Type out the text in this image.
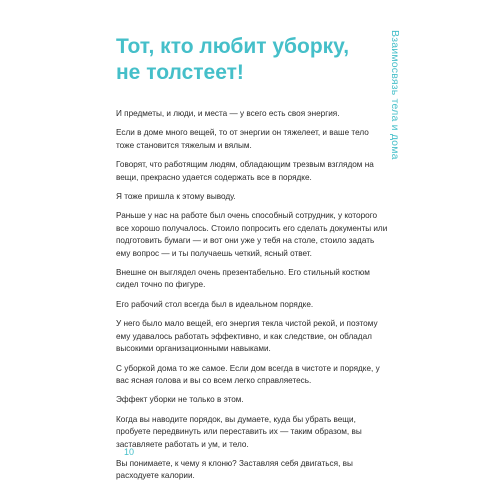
Тот, кто любит уборку,
не толстеет!	Взаимосвязь тела и дома

И предметы, и люди, и места — у всего есть своя энергия.

Если в доме много вещей, то от энергии он тяжелеет, и ваше тело тоже становится тяжелым и вялым.

Говорят, что работящим людям, обладающим трезвым взглядом на вещи, прекрасно удается содержать все в порядке.

Я тоже пришла к этому выводу.

Раньше у нас на работе был очень способный сотрудник, у которого все хорошо получалось. Стоило попросить его сделать документы или подготовить бумаги — и вот они уже у тебя на столе, стоило задать ему вопрос — и ты получаешь четкий, ясный ответ.

Внешне он выглядел очень презентабельно. Его стильный костюм сидел точно по фигуре.

Его рабочий стол всегда был в идеальном порядке.

У него было мало вещей, его энергия текла чистой рекой, и поэтому ему удавалось работать эффективно, и как следствие, он обладал высокими организационными навыками.

С уборкой дома то же самое. Если дом всегда в чистоте и порядке, у вас ясная голова и вы со всем легко справляетесь.

Эффект уборки не только в этом.

Когда вы наводите порядок, вы думаете, куда бы убрать вещи, пробуете передвинуть или переставить их — таким образом, вы заставляете работать и ум, и тело.

Вы понимаете, к чему я клоню? Заставляя себя двигаться, вы расходуете калории.

10
